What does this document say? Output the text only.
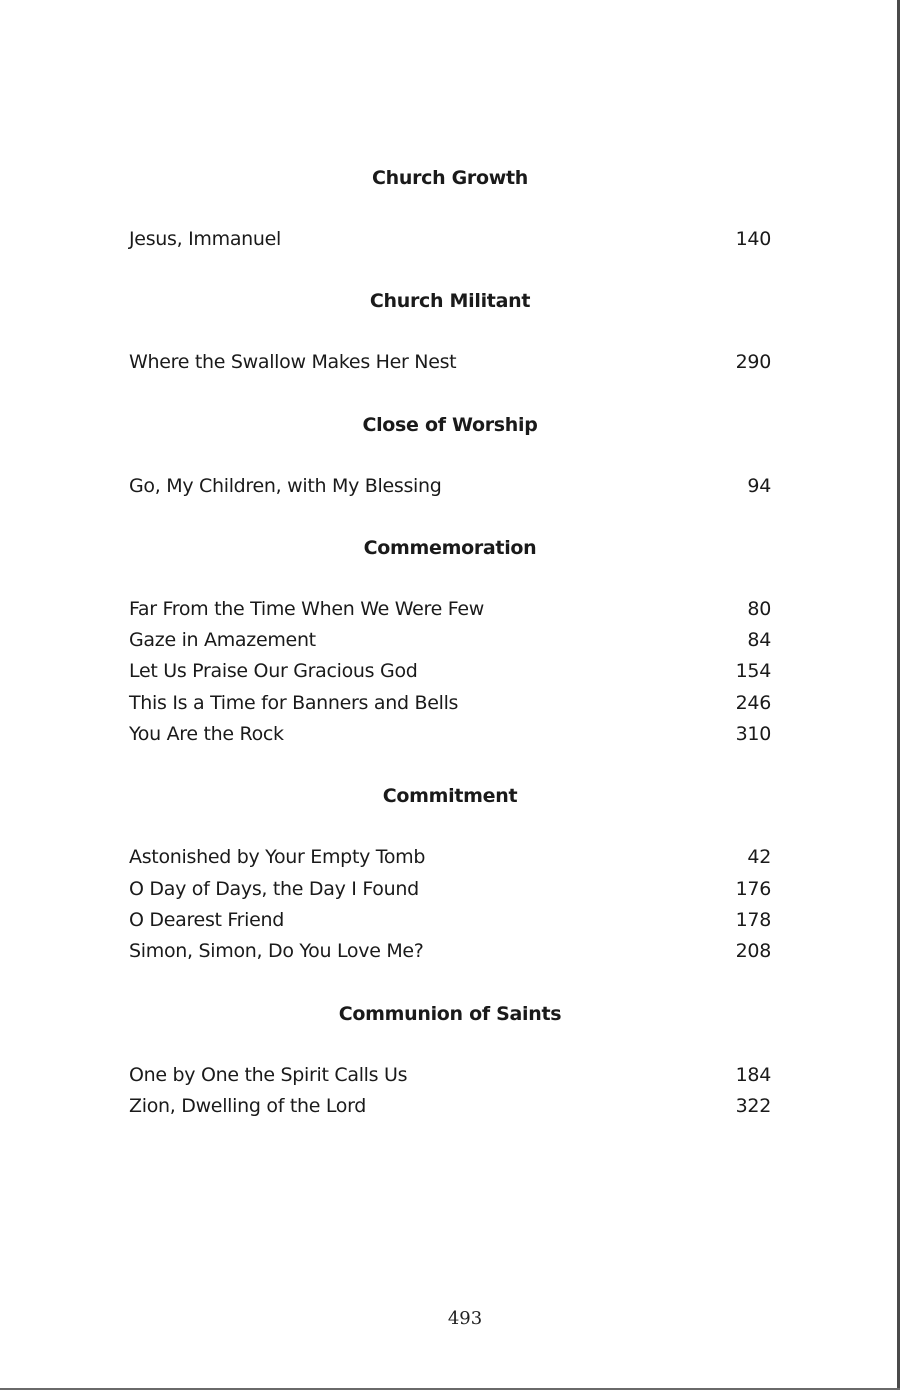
Church Growth
Jesus, Immanuel	140
Church Militant
Where the Swallow Makes Her Nest	290
Close of Worship
Go, My Children, with My Blessing	94
Commemoration
Far From the Time When We Were Few	80
Gaze in Amazement	84
Let Us Praise Our Gracious God	154
This Is a Time for Banners and Bells	246
You Are the Rock	310
Commitment
Astonished by Your Empty Tomb	42
O Day of Days, the Day I Found	176
O Dearest Friend	178
Simon, Simon, Do You Love Me?	208
Communion of Saints
One by One the Spirit Calls Us	184
Zion, Dwelling of the Lord	322
493
